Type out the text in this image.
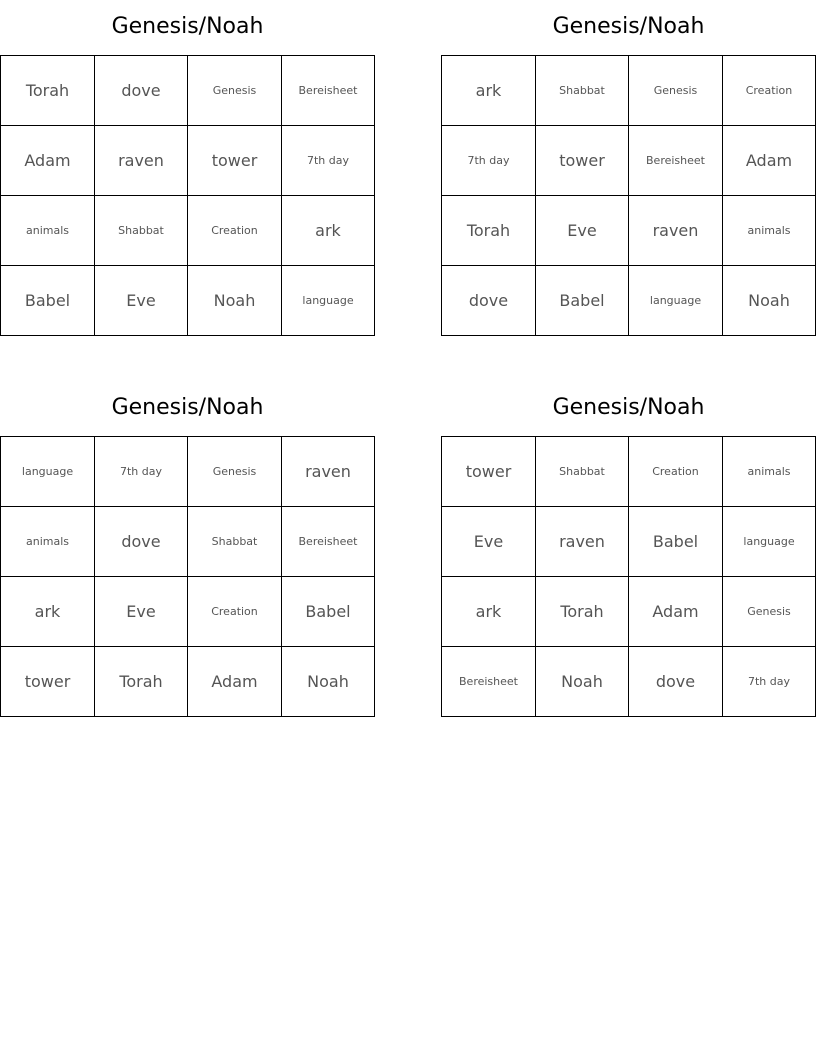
Genesis/Noah
Torah	dove	Genesis	Bereisheet
Adam	raven	tower	7th day
animals	Shabbat	Creation	ark
Babel	Eve	Noah	language
Genesis/Noah
ark	Shabbat	Genesis	Creation
7th day	tower	Bereisheet	Adam
Torah	Eve	raven	animals
dove	Babel	language	Noah
Genesis/Noah
language	7th day	Genesis	raven
animals	dove	Shabbat	Bereisheet
ark	Eve	Creation	Babel
tower	Torah	Adam	Noah
Genesis/Noah
tower	Shabbat	Creation	animals
Eve	raven	Babel	language
ark	Torah	Adam	Genesis
Bereisheet	Noah	dove	7th day
